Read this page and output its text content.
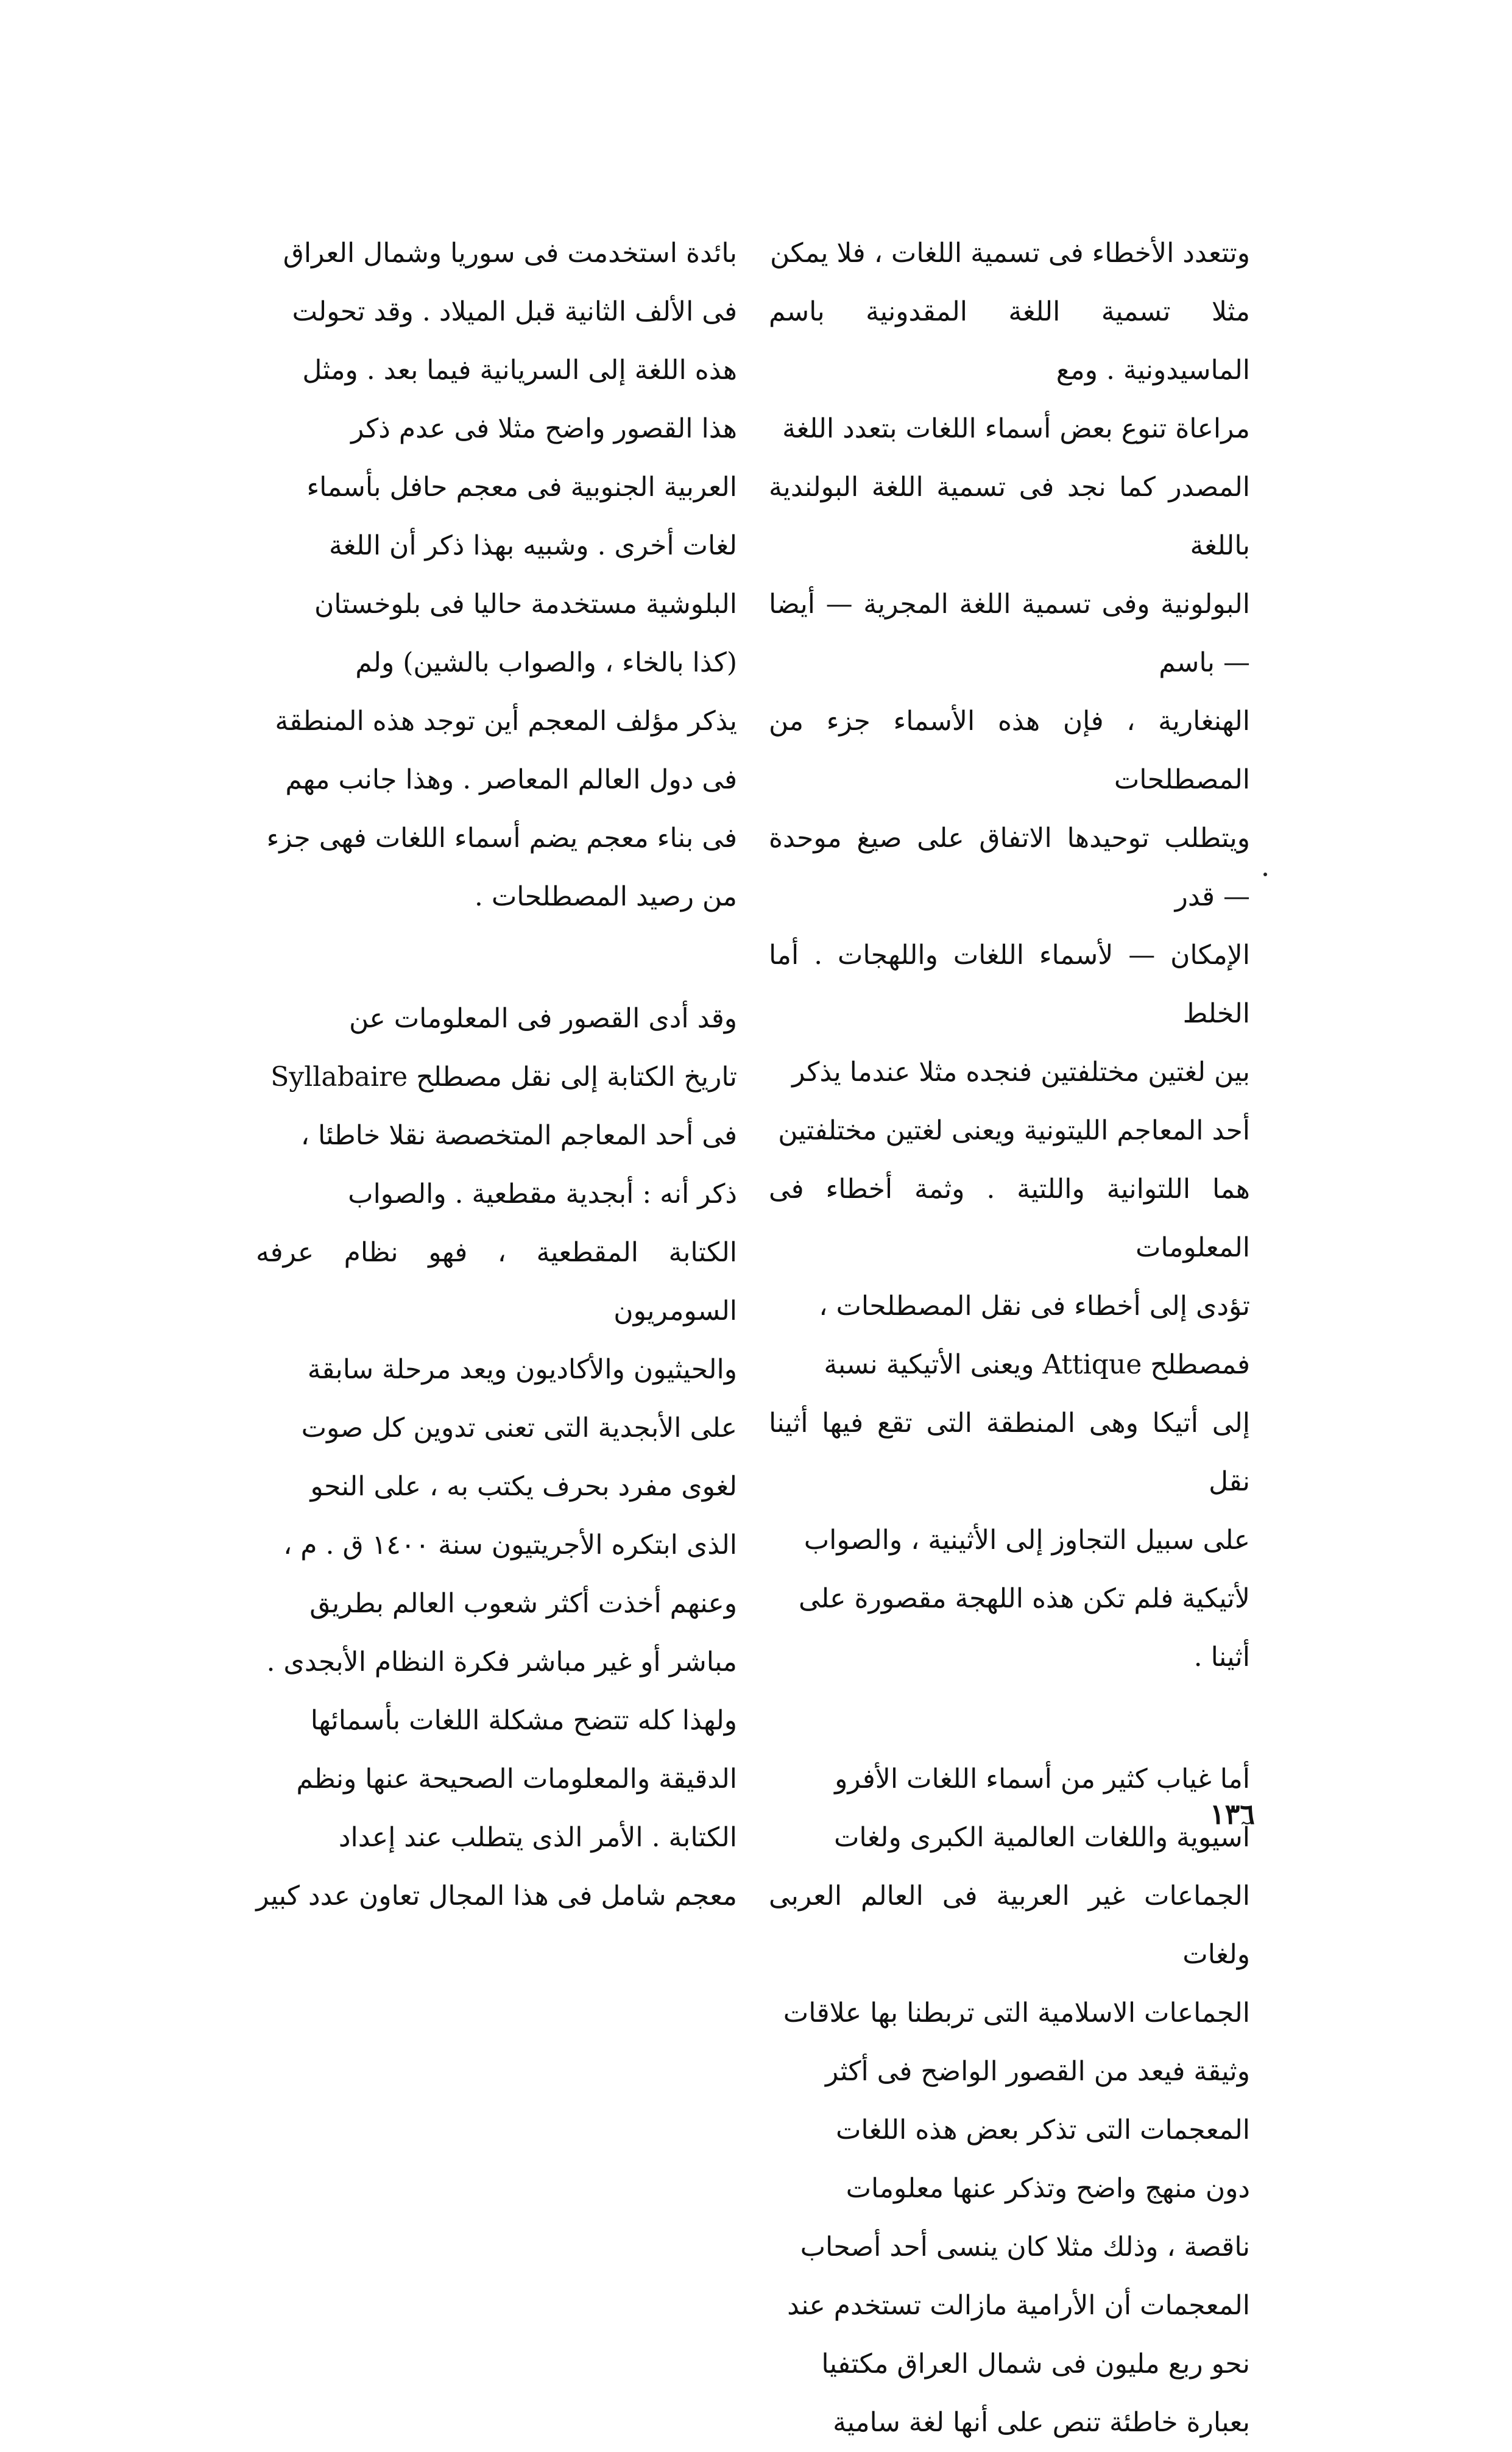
وتتعدد الأخطاء فى تسمية اللغات ، فلا يمكن
مثلا تسمية اللغة المقدونية باسم الماسيدونية . ومع
مراعاة تنوع بعض أسماء اللغات بتعدد اللغة
المصدر كما نجد فى تسمية اللغة البولندية باللغة
البولونية وفى تسمية اللغة المجرية — أيضا — باسم
الهنغارية ، فإن هذه الأسماء جزء من المصطلحات
ويتطلب توحيدها الاتفاق على صيغ موحدة — قدر
الإمكان — لأسماء اللغات واللهجات . أما الخلط
بين لغتين مختلفتين فنجده مثلا عندما يذكر
أحد المعاجم الليتونية ويعنى لغتين مختلفتين
هما اللتوانية واللتية . وثمة أخطاء فى المعلومات
تؤدى إلى أخطاء فى نقل المصطلحات ،
فمصطلح Attique ويعنى الأتيكية نسبة
إلى أتيكا وهى المنطقة التى تقع فيها أثينا نقل
على سبيل التجاوز إلى الأثينية ، والصواب
لأتيكية فلم تكن هذه اللهجة مقصورة على
أثينا .

أما غياب كثير من أسماء اللغات الأفرو
آسيوية واللغات العالمية الكبرى ولغات
الجماعات غير العربية فى العالم العربى ولغات
الجماعات الاسلامية التى تربطنا بها علاقات
وثيقة فيعد من القصور الواضح فى أكثر
المعجمات التى تذكر بعض هذه اللغات
دون منهج واضح وتذكر عنها معلومات
ناقصة ، وذلك مثلا كان ينسى أحد أصحاب
المعجمات أن الأرامية مازالت تستخدم عند
نحو ربع مليون فى شمال العراق مكتفيا
بعبارة خاطئة تنص على أنها لغة سامية

بائدة استخدمت فى سوريا وشمال العراق
فى الألف الثانية قبل الميلاد . وقد تحولت
هذه اللغة إلى السريانية فيما بعد . ومثل
هذا القصور واضح مثلا فى عدم ذكر
العربية الجنوبية فى معجم حافل بأسماء
لغات أخرى . وشبيه بهذا ذكر أن اللغة
البلوشية مستخدمة حاليا فى بلوخستان
(كذا بالخاء ، والصواب بالشين) ولم
يذكر مؤلف المعجم أين توجد هذه المنطقة
فى دول العالم المعاصر . وهذا جانب مهم
فى بناء معجم يضم أسماء اللغات فهى جزء
من رصيد المصطلحات .

وقد أدى القصور فى المعلومات عن
تاريخ الكتابة إلى نقل مصطلح Syllabaire
فى أحد المعاجم المتخصصة نقلا خاطئا ،
ذكر أنه : أبجدية مقطعية . والصواب
الكتابة المقطعية ، فهو نظام عرفه السومريون
والحيثيون والأكاديون ويعد مرحلة سابقة
على الأبجدية التى تعنى تدوين كل صوت
لغوى مفرد بحرف يكتب به ، على النحو
الذى ابتكره الأجريتيون سنة ١٤٠٠ ق . م ،
وعنهم أخذت أكثر شعوب العالم بطريق
مباشر أو غير مباشر فكرة النظام الأبجدى .
ولهذا كله تتضح مشكلة اللغات بأسمائها
الدقيقة والمعلومات الصحيحة عنها ونظم
الكتابة . الأمر الذى يتطلب عند إعداد
معجم شامل فى هذا المجال تعاون عدد كبير

١٣٦
